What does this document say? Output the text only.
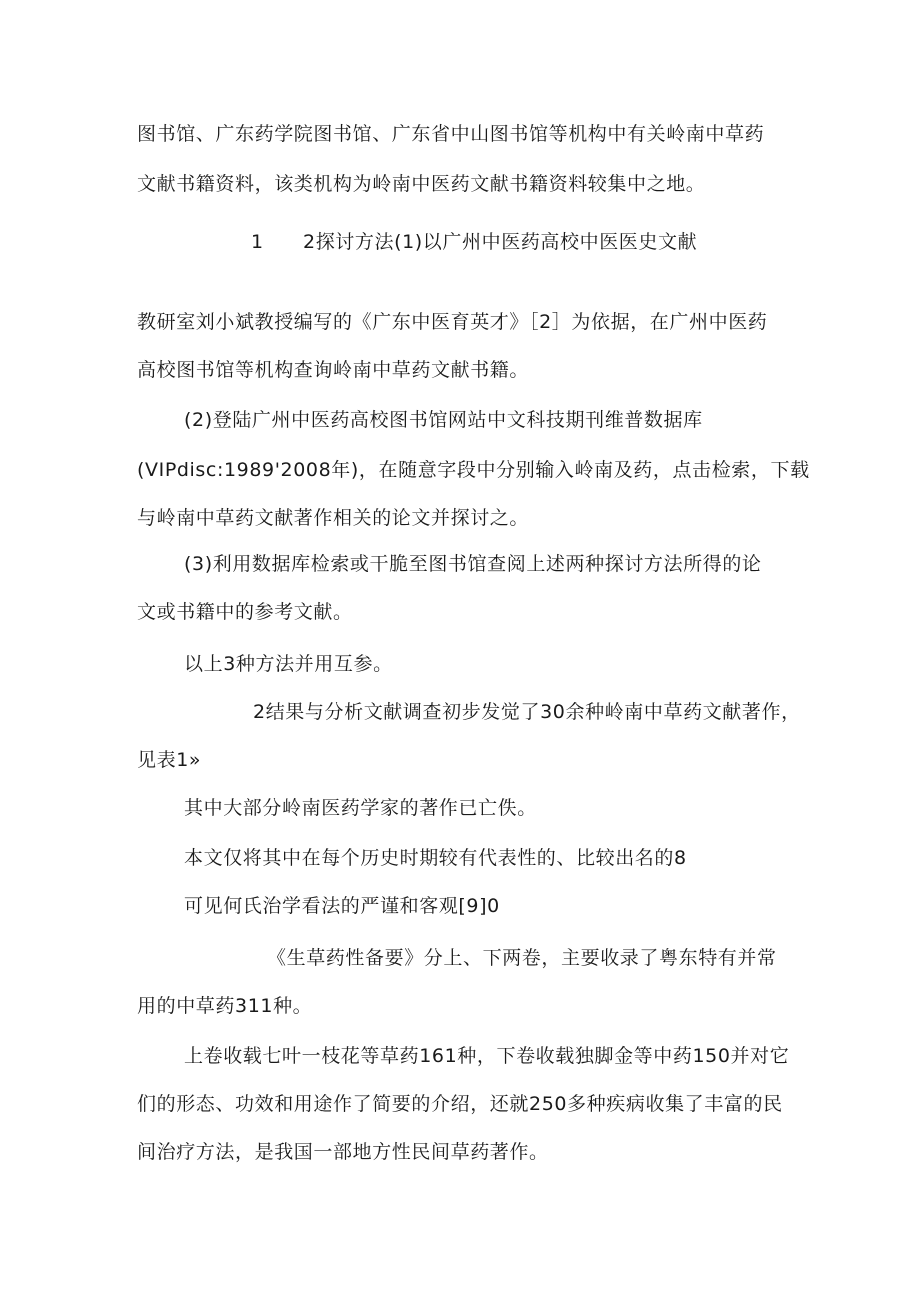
图书馆、广东药学院图书馆、广东省中山图书馆等机构中有关岭南中草药
文献书籍资料，该类机构为岭南中医药文献书籍资料较集中之地。
1 2探讨方法(1)以广州中医药高校中医医史文献
教研室刘小斌教授编写的《广东中医育英才》［2］为依据，在广州中医药
高校图书馆等机构查询岭南中草药文献书籍。
(2)登陆广州中医药高校图书馆网站中文科技期刊维普数据库
(VIPdisc:1989'2008年)，在随意字段中分别输入岭南及药，点击检索，下载
与岭南中草药文献著作相关的论文并探讨之。
(3)利用数据库检索或干脆至图书馆查阅上述两种探讨方法所得的论
文或书籍中的参考文献。
以上3种方法并用互参。
2结果与分析文献调查初步发觉了30余种岭南中草药文献著作，
见表1»
其中大部分岭南医药学家的著作已亡佚。
本文仅将其中在每个历史时期较有代表性的、比较出名的8
可见何氏治学看法的严谨和客观[9]0
《生草药性备要》分上、下两卷，主要收录了粤东特有并常
用的中草药311种。
上卷收载七叶一枝花等草药161种，下卷收载独脚金等中药150并对它
们的形态、功效和用途作了简要的介绍，还就250多种疾病收集了丰富的民
间治疗方法，是我国一部地方性民间草药著作。
